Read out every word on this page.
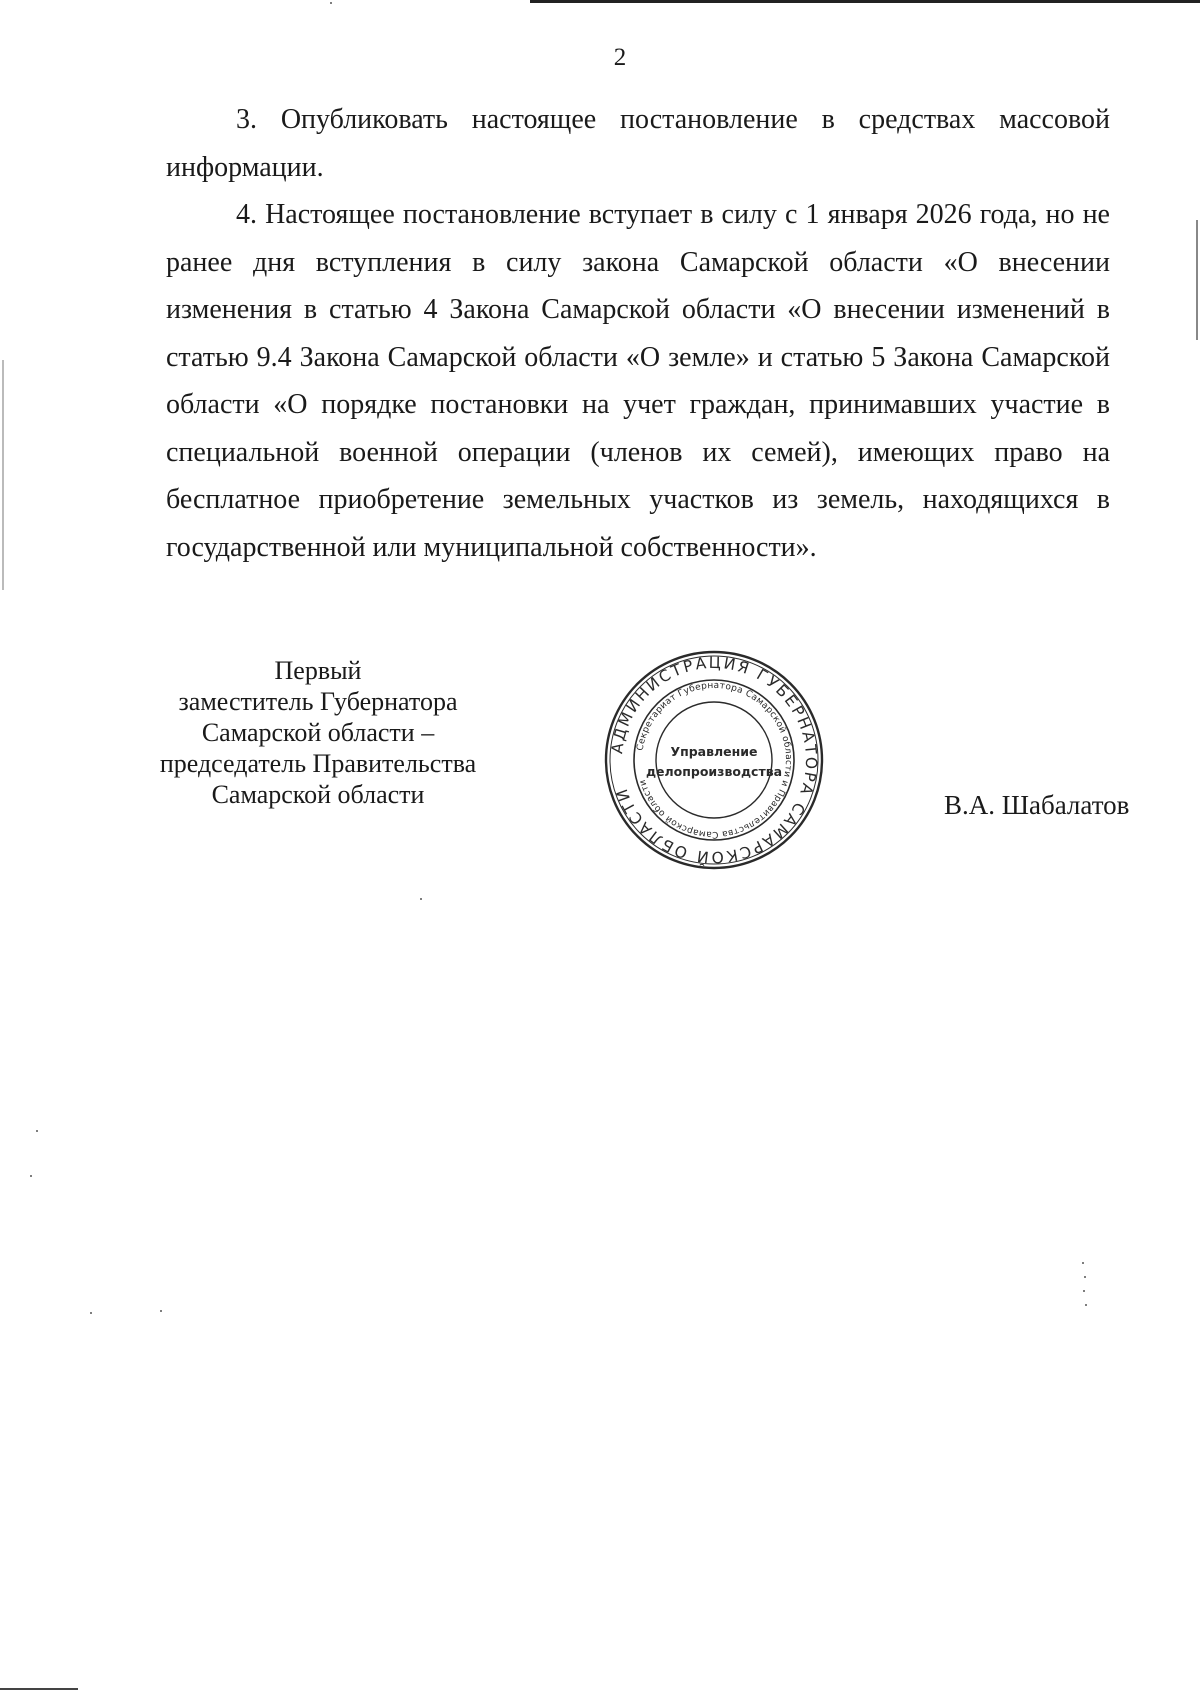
2

3. Опубликовать настоящее постановление в средствах массовой информации.

4. Настоящее постановление вступает в силу с 1 января 2026 года, но не ранее дня вступления в силу закона Самарской области «О внесении изменения в статью 4 Закона Самарской области «О внесении изменений в статью 9.4 Закона Самарской области «О земле» и статью 5 Закона Самарской области «О порядке постановки на учет граждан, принимавших участие в специальной военной операции (членов их семей), имеющих право на бесплатное приобретение земельных участков из земель, находящихся в государственной или муниципальной собственности».

Первый
заместитель Губернатора
Самарской области –
председатель Правительства
Самарской области
АДМИНИСТРАЦИЯ ГУБЕРНАТОРА САМАРСКОЙ ОБЛАСТИ
Секретариат Губернатора Самарской области и Правительства Самарской области
Управление
делопроизводства
В.А. Шабалатов
